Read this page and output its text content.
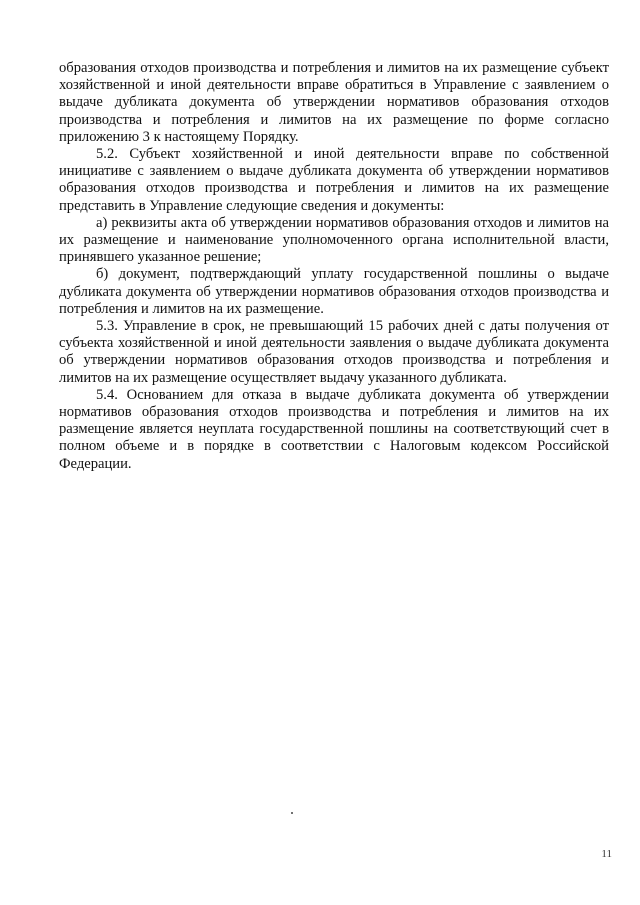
образования отходов производства и потребления и лимитов на их размещение субъект хозяйственной и иной деятельности вправе обратиться в Управление с заявлением о выдаче дубликата документа об утверждении нормативов образования отходов производства и потребления и лимитов на их размещение по форме согласно приложению 3 к настоящему Порядку.

5.2. Субъект хозяйственной и иной деятельности вправе по собственной инициативе с заявлением о выдаче дубликата документа об утверждении нормативов образования отходов производства и потребления и лимитов на их размещение представить в Управление следующие сведения и документы:

а) реквизиты акта об утверждении нормативов образования отходов и лимитов на их размещение и наименование уполномоченного органа исполнительной власти, принявшего указанное решение;

б) документ, подтверждающий уплату государственной пошлины о выдаче дубликата документа об утверждении нормативов образования отходов производства и потребления и лимитов на их размещение.

5.3. Управление в срок, не превышающий 15 рабочих дней с даты получения от субъекта хозяйственной и иной деятельности заявления о выдаче дубликата документа об утверждении нормативов образования отходов производства и потребления и лимитов на их размещение осуществляет выдачу указанного дубликата.

5.4. Основанием для отказа в выдаче дубликата документа об утверждении нормативов образования отходов производства и потребления и лимитов на их размещение является неуплата государственной пошлины на соответствующий счет в полном объеме и в порядке в соответствии с Налоговым кодексом Российской Федерации.

11
